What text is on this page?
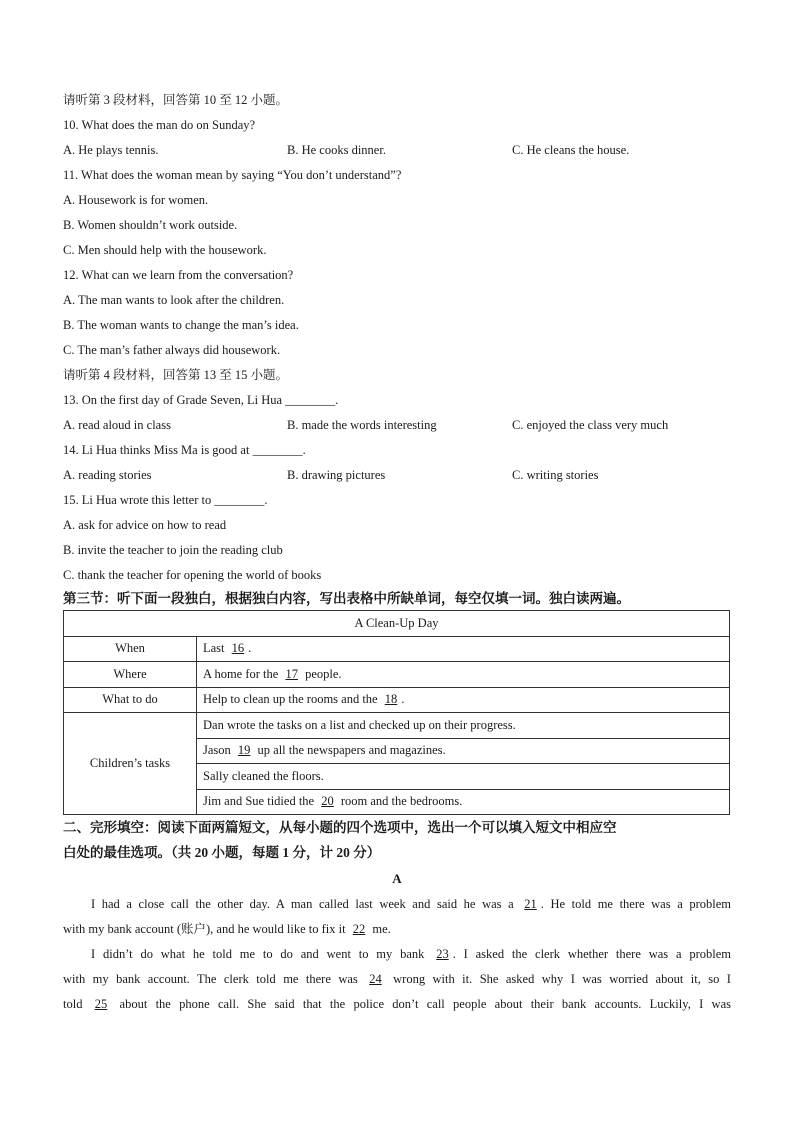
请听第 3 段材料，回答第 10 至 12 小题。
10. What does the man do on Sunday?
A. He plays tennis.	B. He cooks dinner.	C. He cleans the house.
11. What does the woman mean by saying “You don’t understand”?
A. Housework is for women.
B. Women shouldn’t work outside.
C. Men should help with the housework.
12. What can we learn from the conversation?
A. The man wants to look after the children.
B. The woman wants to change the man’s idea.
C. The man’s father always did housework.
请听第 4 段材料，回答第 13 至 15 小题。
13. On the first day of Grade Seven, Li Hua ________.
A. read aloud in class	B. made the words interesting	C. enjoyed the class very much
14. Li Hua thinks Miss Ma is good at ________.
A. reading stories	B. drawing pictures	C. writing stories
15. Li Hua wrote this letter to ________.
A. ask for advice on how to read
B. invite the teacher to join the reading club
C. thank the teacher for opening the world of books
第三节：听下面一段独白，根据独白内容，写出表格中所缺单词，每空仅填一词。独白读两遍。
A Clean-Up Day	
When	Last 16 .
Where	A home for the 17 people.
What to do	Help to clean up the rooms and the 18 .
Children’s tasks	Dan wrote the tasks on a list and checked up on their progress.
	Jason 19 up all the newspapers and magazines.
	Sally cleaned the floors.
	Jim and Sue tidied the 20 room and the bedrooms.
二、完形填空：阅读下面两篇短文，从每小题的四个选项中，选出一个可以填入短文中相应空
白处的最佳选项。（共 20 小题，每题 1 分，计 20 分）
A
I had a close call the other day. A man called last week and said he was a 21 . He told me there was a problem
with my bank account (账户), and he would like to fix it 22 me.
I didn’t do what he told me to do and went to my bank 23 . I asked the clerk whether there was a problem
with my bank account. The clerk told me there was 24 wrong with it. She asked why I was worried about it, so I
told 25 about the phone call. She said that the police don’t call people about their bank accounts. Luckily, I was
